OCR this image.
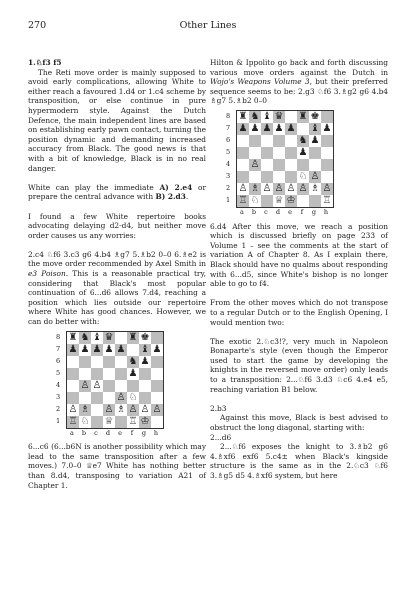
270	Other Lines

1.♘f3 f5

The Reti move order is mainly supposed to avoid early complications, allowing White to either reach a favoured 1.d4 or 1.c4 scheme by transposition, or else continue in pure hypermodern style. Against the Dutch Defence, the main independent lines are based on establishing early pawn contact, turning the position dynamic and demanding increased accuracy from Black. The good news is that with a bit of knowledge, Black is in no real danger.

White can play the immediate A) 2.e4 or prepare the central advance with B) 2.d3.

I found a few White repertoire books advocating delaying d2-d4, but neither move order causes us any worries:

2.c4 ♘f6 3.c3 g6 4.b4 ♗g7 5.♗b2 0–0 6.♗e2 is the move order recommended by Axel Smith in e3 Poison. This is a reasonable practical try, considering that Black's most popular continuation of 6...d6 allows 7.d4, reaching a position which lies outside our repertoire where White has good chances. However, we can do better with:

8
7
6
5
4
3
2
1
♜ ♞ ♝ ♛
♜ ♚

♟ ♟ ♟ ♟ ♟
♝ ♟

♞ ♟

♟

♙ ♙

♙ ♘

♙ ♗
♙ ♗ ♙ ♙ ♙
♖ ♘
♕
♖ ♔

a	b	c	d	e	f	g	h

6...c6 (6...b6N is another possibility which may lead to the same transposition after a few moves.) 7.0–0 ♕e7 White has nothing better than 8.d4, transposing to variation A21 of Chapter 1.

Hilton & Ippolito go back and forth discussing various move orders against the Dutch in Wojo's Weapons Volume 3, but their preferred sequence seems to be: 2.g3 ♘f6 3.♗g2 g6 4.b4 ♗g7 5.♗b2 0–0

8
7
6
5
4
3
2
1
♜ ♞ ♝ ♛
♜ ♚

♟ ♟ ♟ ♟ ♟
♝ ♟

♞ ♟

♟

♙

♘ ♙

♙ ♗ ♙ ♙ ♙ ♙ ♗ ♙
♖ ♘
♕ ♔

	♖
a	b	c	d	e	f	g	h

6.d4 After this move, we reach a position which is discussed briefly on page 233 of Volume 1 – see the comments at the start of variation A of Chapter 8. As I explain there, Black should have no qualms about responding with 6...d5, since White's bishop is no longer able to go to f4.

From the other moves which do not transpose to a regular Dutch or to the English Opening, I would mention two:

The exotic 2.♘c3!?, very much in Napoleon Bonaparte's style (even though the Emperor used to start the game by developing the knights in the reversed move order) only leads to a transposition: 2...♘f6 3.d3 ♘c6 4.e4 e5, reaching variation B1 below.

2.b3

Against this move, Black is best advised to obstruct the long diagonal, starting with:

2...d6

2...♘f6 exposes the knight to 3.♗b2 g6 4.♗xf6 exf6 5.c4± when Black's kingside structure is the same as in the 2.♘c3 ♘f6 3.♗g5 d5 4.♗xf6 system, but here
